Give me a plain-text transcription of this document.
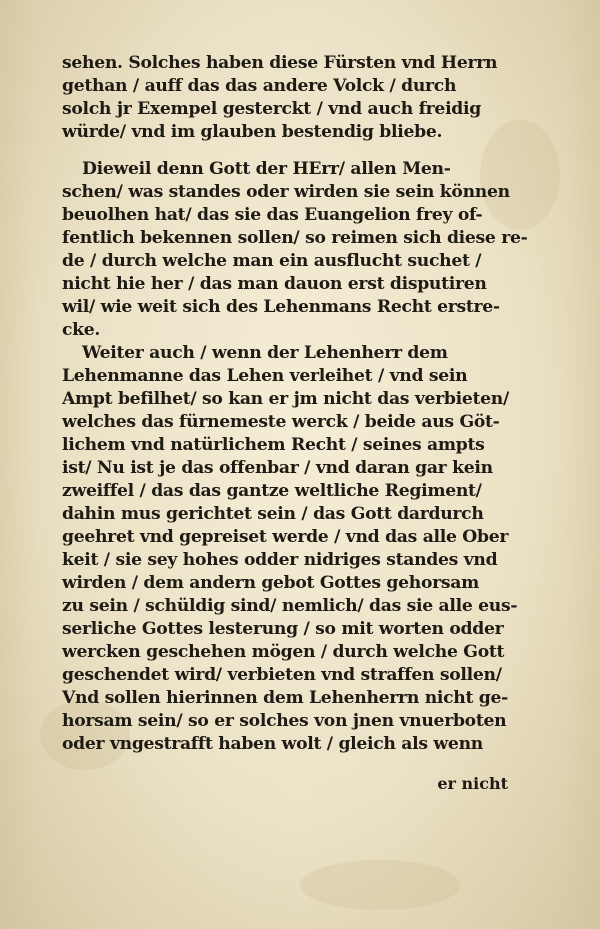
sehen. Solches haben diese Fürsten vnd Herrn
gethan / auff das das andere Volck / durch
solch jr Exempel gesterckt / vnd auch freidig
würde/ vnd im glauben bestendig bliebe.
Dieweil denn Gott der HErr/ allen Men-
schen/ was standes oder wirden sie sein können
beuolhen hat/ das sie das Euangelion frey of-
fentlich bekennen sollen/ so reimen sich diese re-
de / durch welche man ein ausflucht suchet /
nicht hie her / das man dauon erst disputiren
wil/ wie weit sich des Lehenmans Recht erstre-
cke.
Weiter auch / wenn der Lehenherr dem
Lehenmanne das Lehen verleihet / vnd sein
Ampt befilhet/ so kan er jm nicht das verbieten/
welches das fürnemeste werck / beide aus Göt-
lichem vnd natürlichem Recht / seines ampts
ist/ Nu ist je das offenbar / vnd daran gar kein
zweiffel / das das gantze weltliche Regiment/
dahin mus gerichtet sein / das Gott dardurch
geehret vnd gepreiset werde / vnd das alle Ober
keit / sie sey hohes odder nidriges standes vnd
wirden / dem andern gebot Gottes gehorsam
zu sein / schüldig sind/ nemlich/ das sie alle eus-
serliche Gottes lesterung / so mit worten odder
wercken geschehen mögen / durch welche Gott
geschendet wird/ verbieten vnd straffen sollen/
Vnd sollen hierinnen dem Lehenherrn nicht ge-
horsam sein/ so er solches von jnen vnuerboten
oder vngestrafft haben wolt / gleich als wenn
er nicht
